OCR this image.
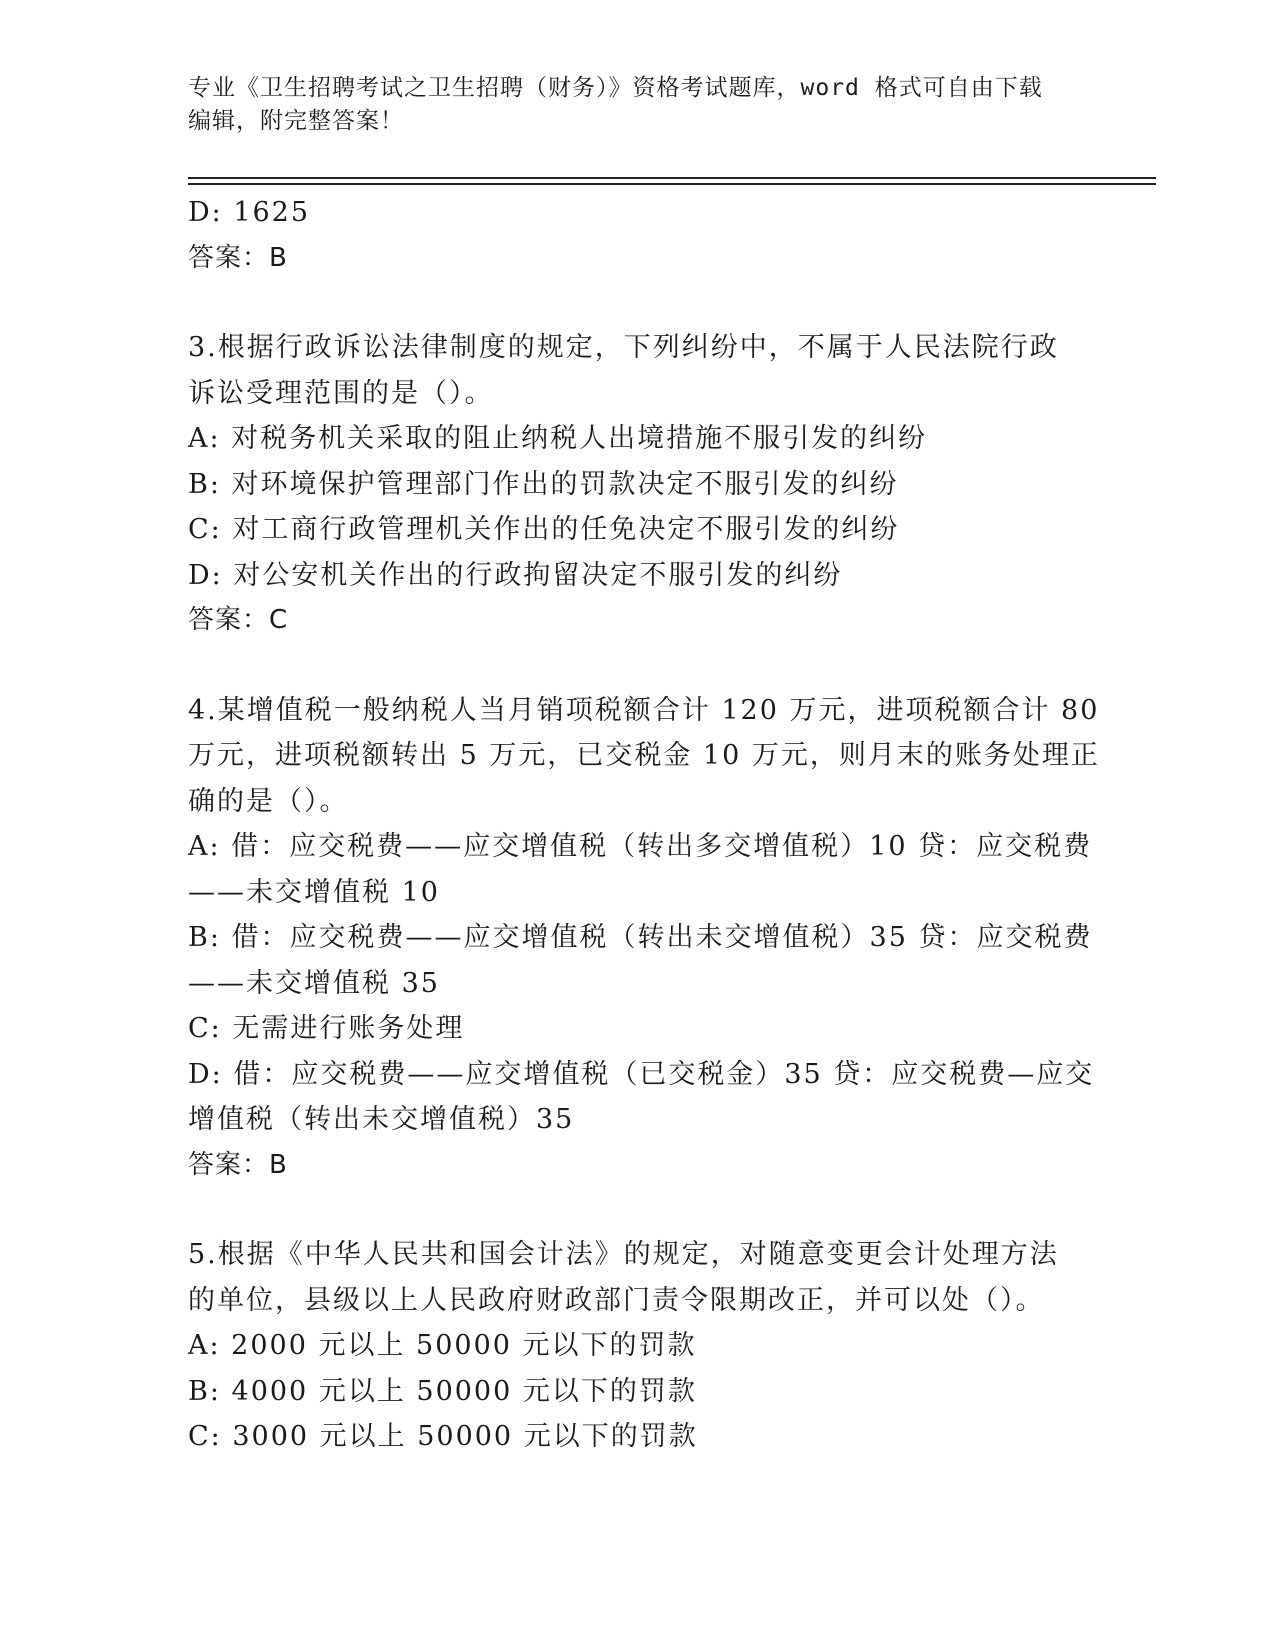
专业《卫生招聘考试之卫生招聘（财务）》资格考试题库，word 格式可自由下载
编辑，附完整答案！
D: 1625
答案：B
3.根据行政诉讼法律制度的规定，下列纠纷中，不属于人民法院行政
诉讼受理范围的是（）。
A: 对税务机关采取的阻止纳税人出境措施不服引发的纠纷
B: 对环境保护管理部门作出的罚款决定不服引发的纠纷
C: 对工商行政管理机关作出的任免决定不服引发的纠纷
D: 对公安机关作出的行政拘留决定不服引发的纠纷
答案：C
4.某增值税一般纳税人当月销项税额合计 120 万元，进项税额合计 80
万元，进项税额转出 5 万元，已交税金 10 万元，则月末的账务处理正
确的是（）。
A: 借：应交税费——应交增值税（转出多交增值税）10 贷：应交税费
——未交增值税 10
B: 借：应交税费——应交增值税（转出未交增值税）35 贷：应交税费
——未交增值税 35
C: 无需进行账务处理
D: 借：应交税费——应交增值税（已交税金）35 贷：应交税费—应交
增值税（转出未交增值税）35
答案：B
5.根据《中华人民共和国会计法》的规定，对随意变更会计处理方法
的单位，县级以上人民政府财政部门责令限期改正，并可以处（）。
A: 2000 元以上 50000 元以下的罚款
B: 4000 元以上 50000 元以下的罚款
C: 3000 元以上 50000 元以下的罚款
